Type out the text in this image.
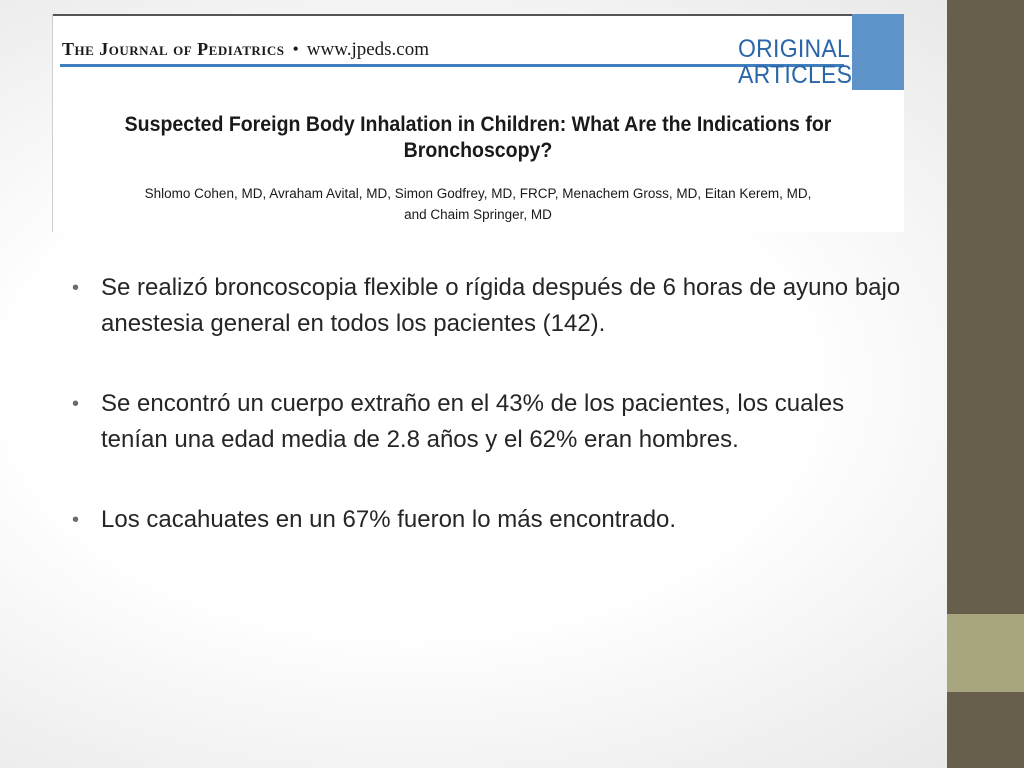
The Journal of Pediatrics • www.jpeds.com	ORIGINAL
ARTICLES
Suspected Foreign Body Inhalation in Children: What Are the Indications for
Bronchoscopy?
Shlomo Cohen, MD, Avraham Avital, MD, Simon Godfrey, MD, FRCP, Menachem Gross, MD, Eitan Kerem, MD,
and Chaim Springer, MD
• Se realizó broncoscopia flexible o rígida después de 6 horas de ayuno bajo anestesia general en todos los pacientes (142).
• Se encontró un cuerpo extraño en el 43% de los pacientes, los cuales tenían una edad media de 2.8 años y el 62% eran hombres.
• Los cacahuates en un 67% fueron lo más encontrado.
